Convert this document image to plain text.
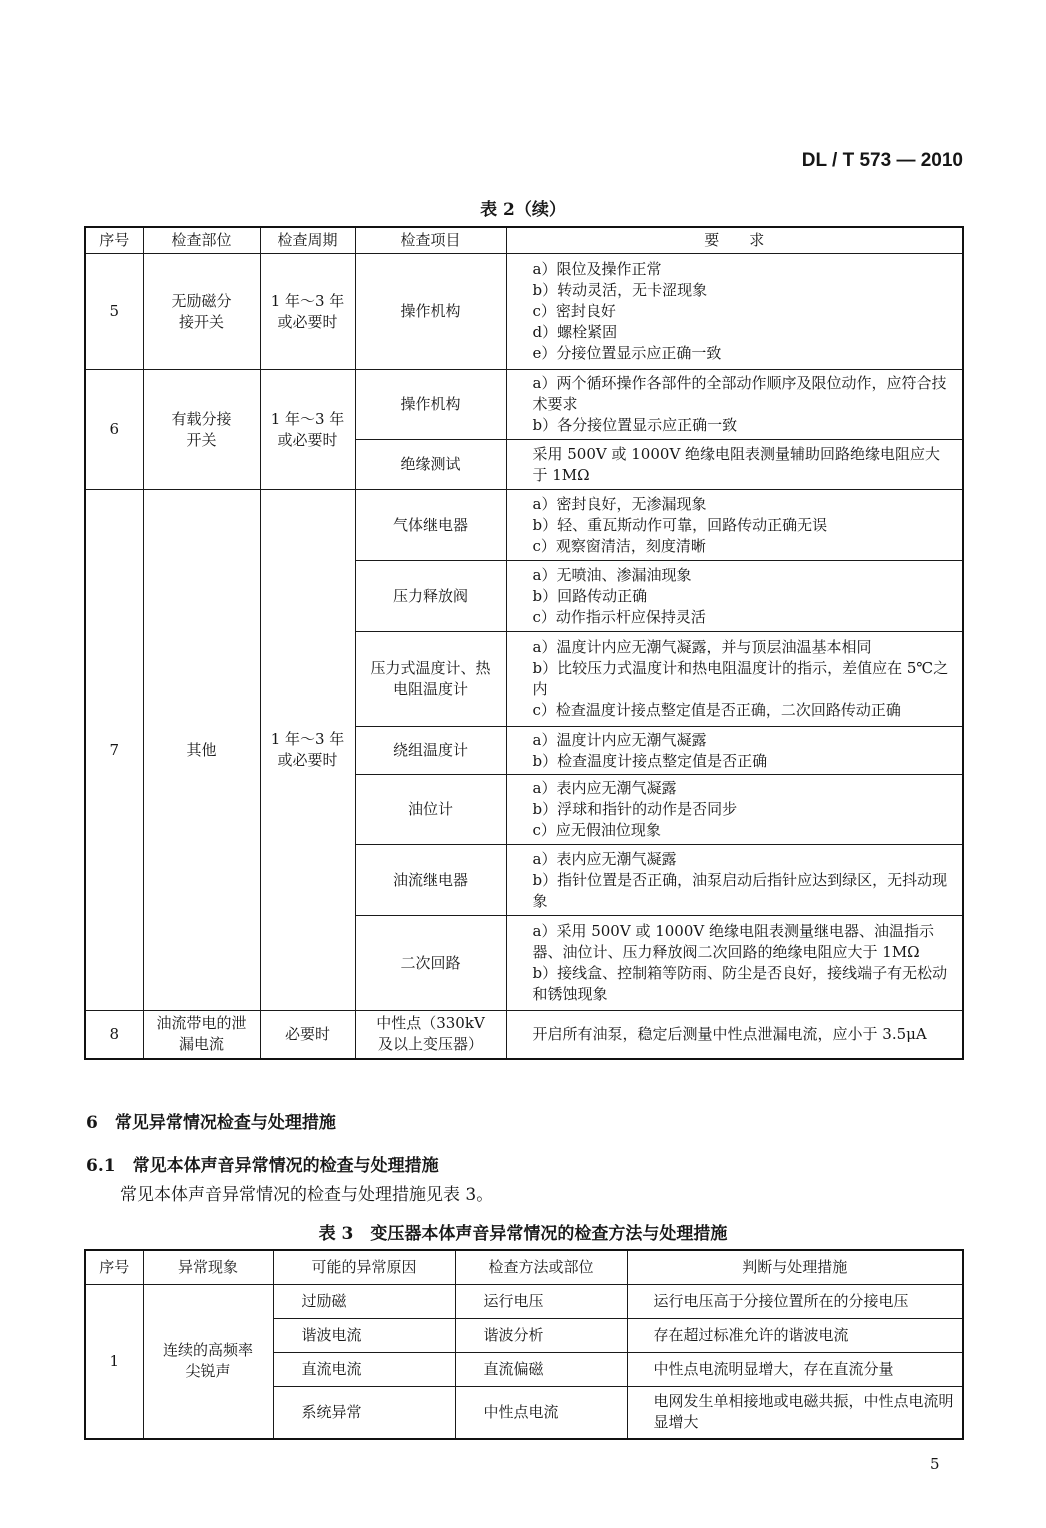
DL / T 573 — 2010
表 2（续）
序号	检查部位	检查周期	检查项目	要　　求
5	无励磁分接开关	1 年～3 年或必要时	操作机构	a）限位及操作正常
b）转动灵活，无卡涩现象
c）密封良好
d）螺栓紧固
e）分接位置显示应正确一致

6	有载分接开关	1 年～3 年或必要时	操作机构	a）两个循环操作各部件的全部动作顺序及限位动作，应符合技术要求
b）各分接位置显示应正确一致

			绝缘测试	采用 500V 或 1000V 绝缘电阻表测量辅助回路绝缘电阻应大于 1MΩ

7	其他	1 年～3 年或必要时	气体继电器	a）密封良好，无渗漏现象
b）轻、重瓦斯动作可靠，回路传动正确无误
c）观察窗清洁，刻度清晰

			压力释放阀	a）无喷油、渗漏油现象
b）回路传动正确
c）动作指示杆应保持灵活

			压力式温度计、热电阻温度计	a）温度计内应无潮气凝露，并与顶层油温基本相同
b）比较压力式温度计和热电阻温度计的指示，差值应在 5℃之内
c）检查温度计接点整定值是否正确，二次回路传动正确

			绕组温度计	a）温度计内应无潮气凝露
b）检查温度计接点整定值是否正确

			油位计	a）表内应无潮气凝露
b）浮球和指针的动作是否同步
c）应无假油位现象

			油流继电器	a）表内应无潮气凝露
b）指针位置是否正确，油泵启动后指针应达到绿区，无抖动现象

			二次回路	a）采用 500V 或 1000V 绝缘电阻表测量继电器、油温指示器、油位计、压力释放阀二次回路的绝缘电阻应大于 1MΩ
b）接线盒、控制箱等防雨、防尘是否良好，接线端子有无松动和锈蚀现象

8	油流带电的泄漏电流	必要时	中性点（330kV 及以上变压器）	开启所有油泵，稳定后测量中性点泄漏电流，应小于 3.5μA
6　常见异常情况检查与处理措施
6.1　常见本体声音异常情况的检查与处理措施
常见本体声音异常情况的检查与处理措施见表 3。
表 3　变压器本体声音异常情况的检查方法与处理措施
序号	异常现象	可能的异常原因	检查方法或部位	判断与处理措施
1	连续的高频率尖锐声	过励磁	运行电压	运行电压高于分接位置所在的分接电压
		谐波电流	谐波分析	存在超过标准允许的谐波电流
		直流电流	直流偏磁	中性点电流明显增大，存在直流分量
		系统异常	中性点电流	电网发生单相接地或电磁共振，中性点电流明显增大
5
